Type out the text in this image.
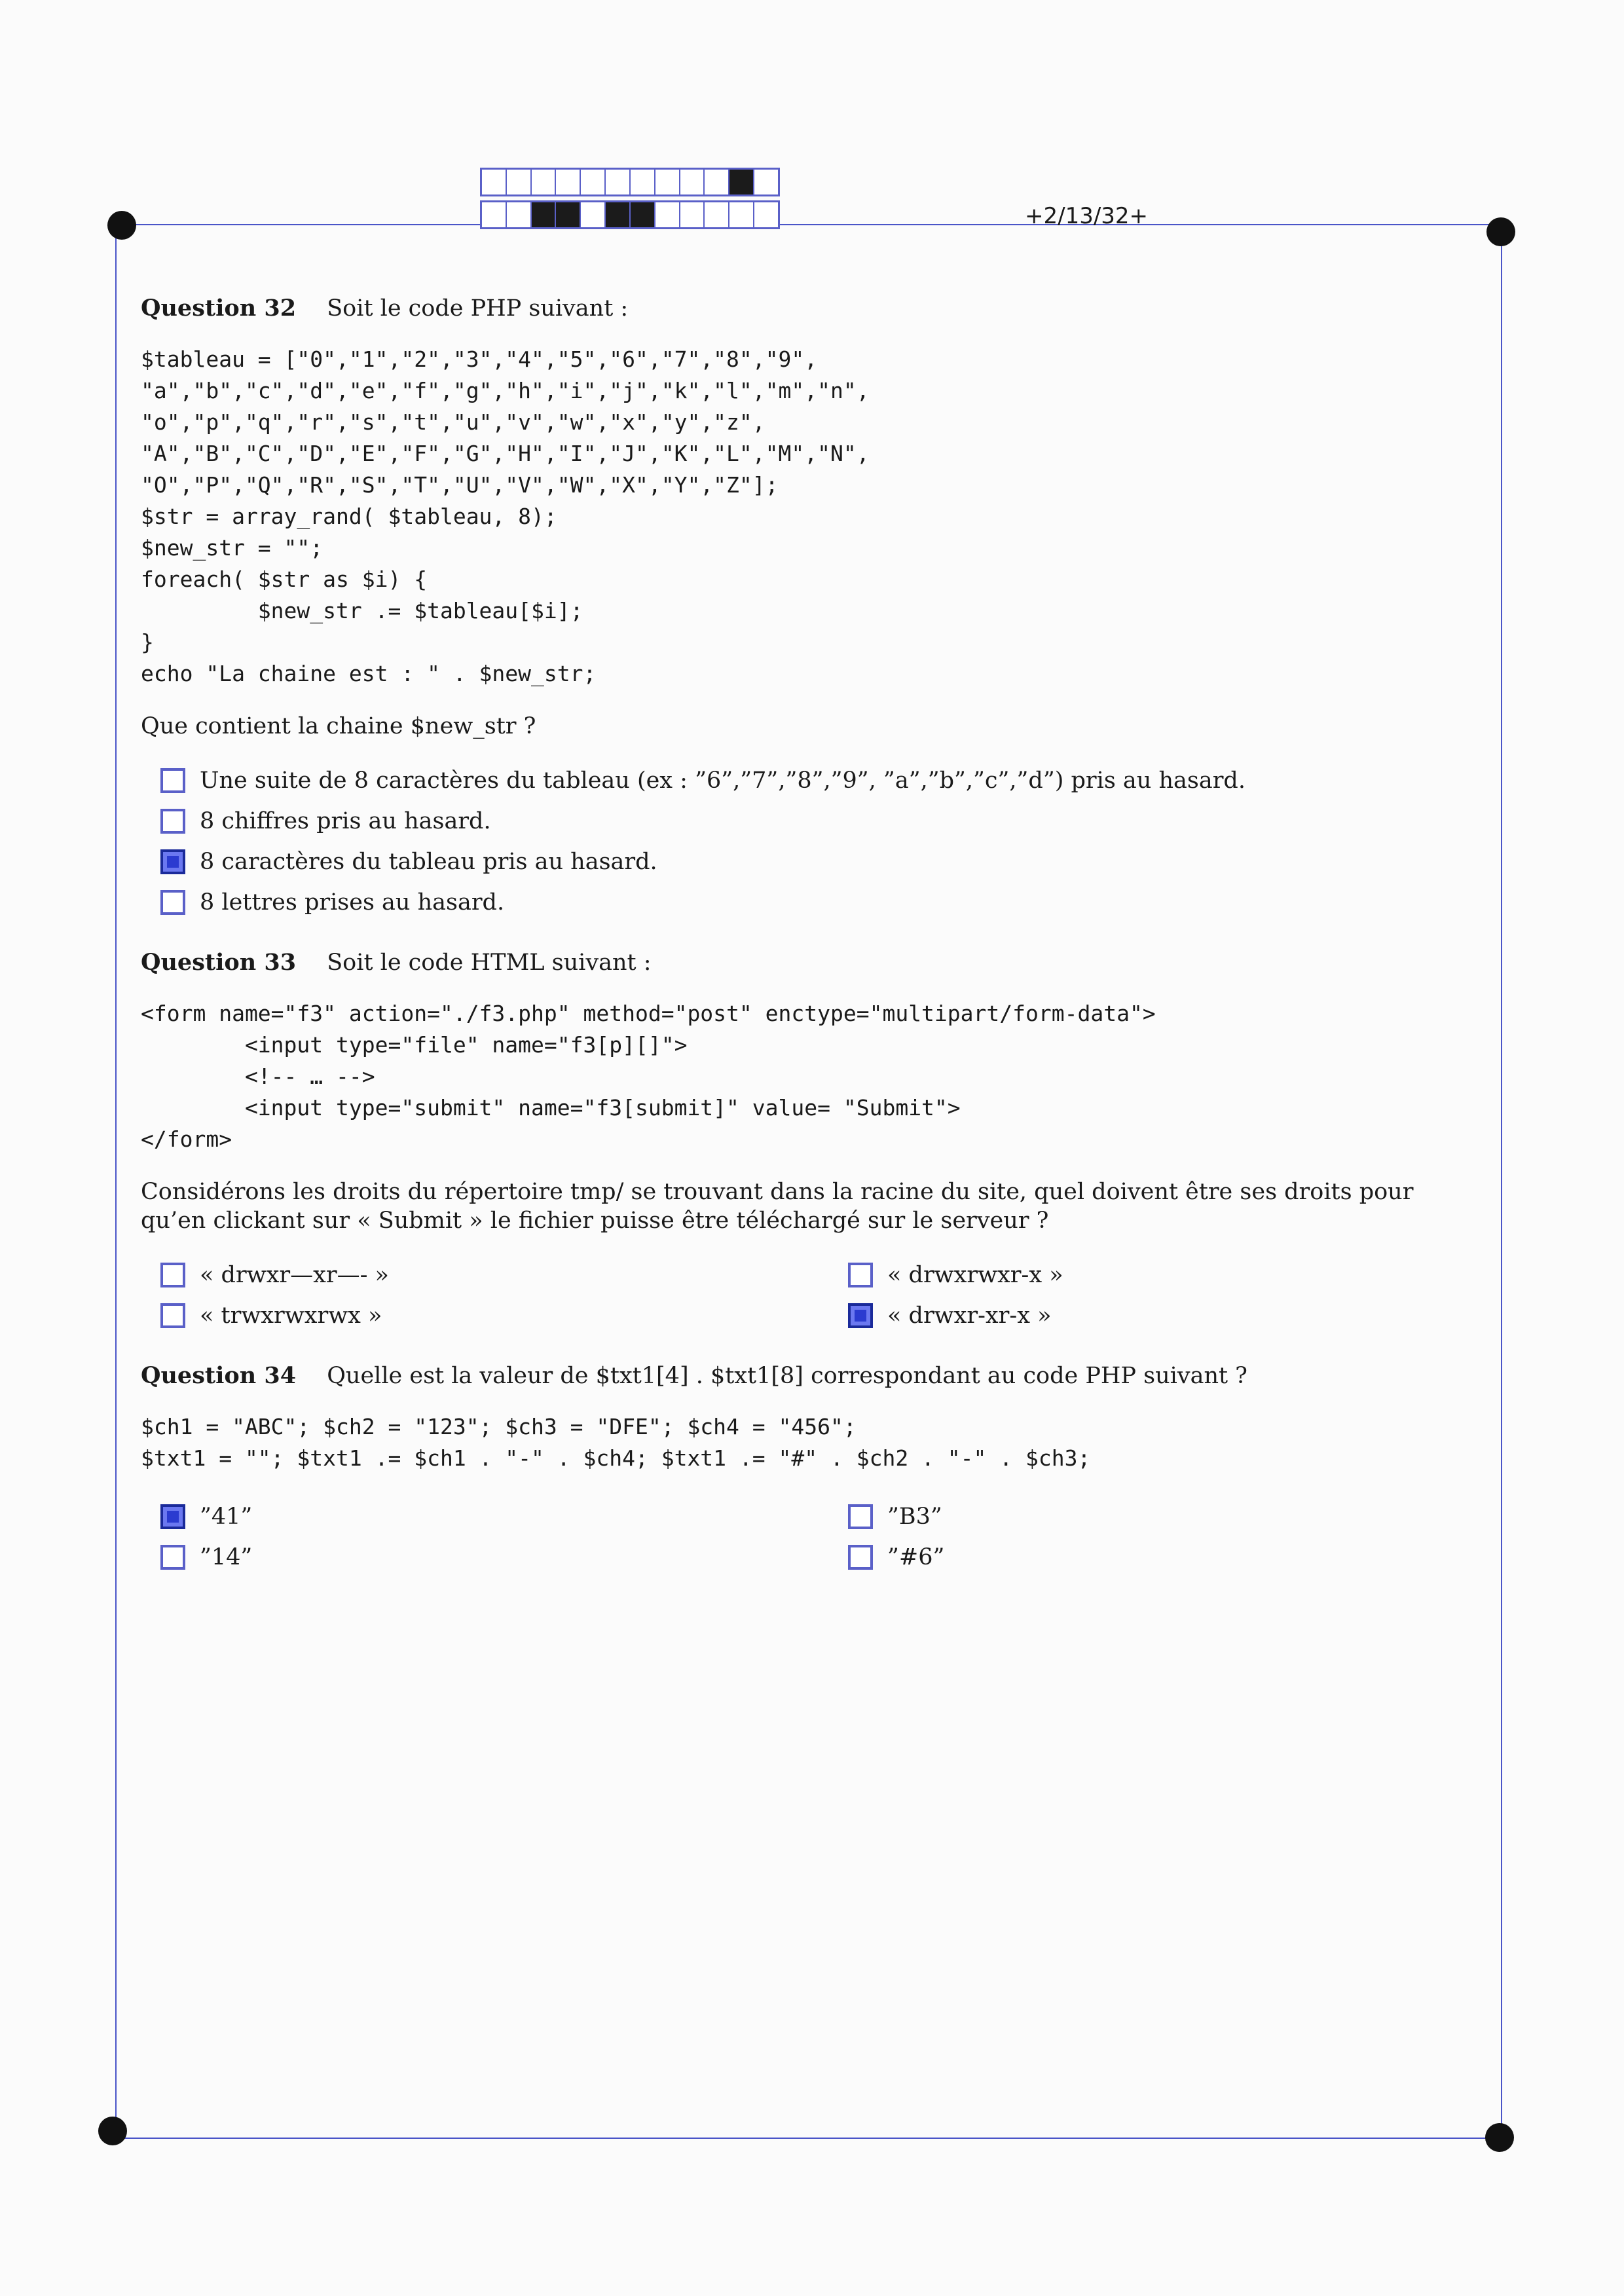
+2/13/32+
Question 32 Soit le code PHP suivant :
$tableau = ["0","1","2","3","4","5","6","7","8","9",
"a","b","c","d","e","f","g","h","i","j","k","l","m","n",
"o","p","q","r","s","t","u","v","w","x","y","z",
"A","B","C","D","E","F","G","H","I","J","K","L","M","N",
"O","P","Q","R","S","T","U","V","W","X","Y","Z"];
$str = array_rand( $tableau, 8);
$new_str = "";
foreach( $str as $i) {
$new_str .= $tableau[$i];
}
echo "La chaine est : " . $new_str;

Que contient la chaine $new_str ?

Une suite de 8 caractères du tableau (ex : ”6”,”7”,”8”,”9”, ”a”,”b”,”c”,”d”) pris au hasard.
8 chiffres pris au hasard.
8 caractères du tableau pris au hasard.
8 lettres prises au hasard.
Question 33 Soit le code HTML suivant :
<form name="f3" action="./f3.php" method="post" enctype="multipart/form-data">
<input type="file" name="f3[p][]">
<!-- … -->
<input type="submit" name="f3[submit]" value= "Submit">
</form>

Considérons les droits du répertoire tmp/ se trouvant dans la racine du site, quel doivent être ses droits pour qu’en clickant sur « Submit » le fichier puisse être téléchargé sur le serveur ?

« drwxr—xr—- »	« drwxrwxr-x »
« trwxrwxrwx »	« drwxr-xr-x »
Question 34 Quelle est la valeur de $txt1[4] . $txt1[8] correspondant au code PHP suivant ?
$ch1 = "ABC"; $ch2 = "123"; $ch3 = "DFE"; $ch4 = "456";
$txt1 = ""; $txt1 .= $ch1 . "-" . $ch4; $txt1 .= "#" . $ch2 . "-" . $ch3;
”41”	”B3”
”14”	”#6”
